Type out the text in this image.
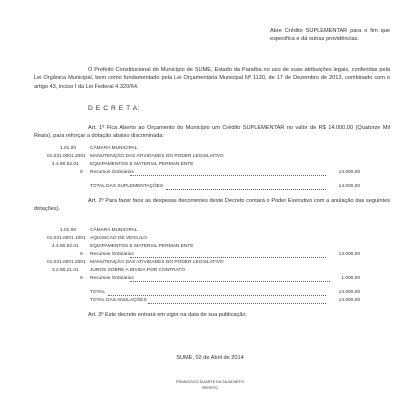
Abre Crédito SUPLEMENTAR para o fim que especifica e dá outras providências.
O Prefeito Constitucional do Município de SUME, Estado da Paraíba no uso de suas atribuições legais, conferidas pela Lei Orgânica Municipal, bem como fundamentado pela Lei Orçamentária Municipal Nº 1120, de 17 de Dezembro de 2013, combinado com o artigo 43, inciso I da Lei Federal 4.320/64.
D E C R E T A:
Art. 1º Fica Aberto ao Orçamento do Município um Crédito SUPLEMENTAR no valor de R$ 14.000,00 (Quatorze Mil Reais), para reforçar a dotação abaixo discriminada:
1.01.00	CÂMARA MUNICIPAL
01.031.0001.2001 MANUTENÇÃO DAS ATIVIDADES DO PODER LEGISLATIVO
4.4.90.52.01 EQUIPAMENTOS E MATERIAL PERMAN ENTE
0 Recursos Ordinários	14.000,00
TOTAL DAS SUPLEMENTAÇÕES	14.000,00
Art. 2º Para fazer face as despesas decorrentes deste Decreto contará o Poder Executivo com a anulação das seguintes dotações).
1.01.00	CÂMARA MUNICIPAL
01.031.0001.1001 AQUISICAO DE VEICULO
4.4.90.52.01 EQUIPAMENTOS E MATERIAL PERMAN ENTE
0 Recursos Ordinários	13.000,00
01.031.0001.2001 MANUTENÇÃO DAS ATIVIDADES DO PODER LEGISLATIVO
3.2.90.21.01 JUROS SOBRE A DÍVIDA POR CONTRATO
0 Recursos Ordinários	1.000,00
TOTAL	14.000,00
TOTAL DAS ANULAÇÕES	14.000,00
Art. 3º Este decreto entrará em vigor na data de sua publicação.
SUME, 02 de Abril de 2014
FRANCISCO DUARTE DA SILVA NETO
PREFEITO
